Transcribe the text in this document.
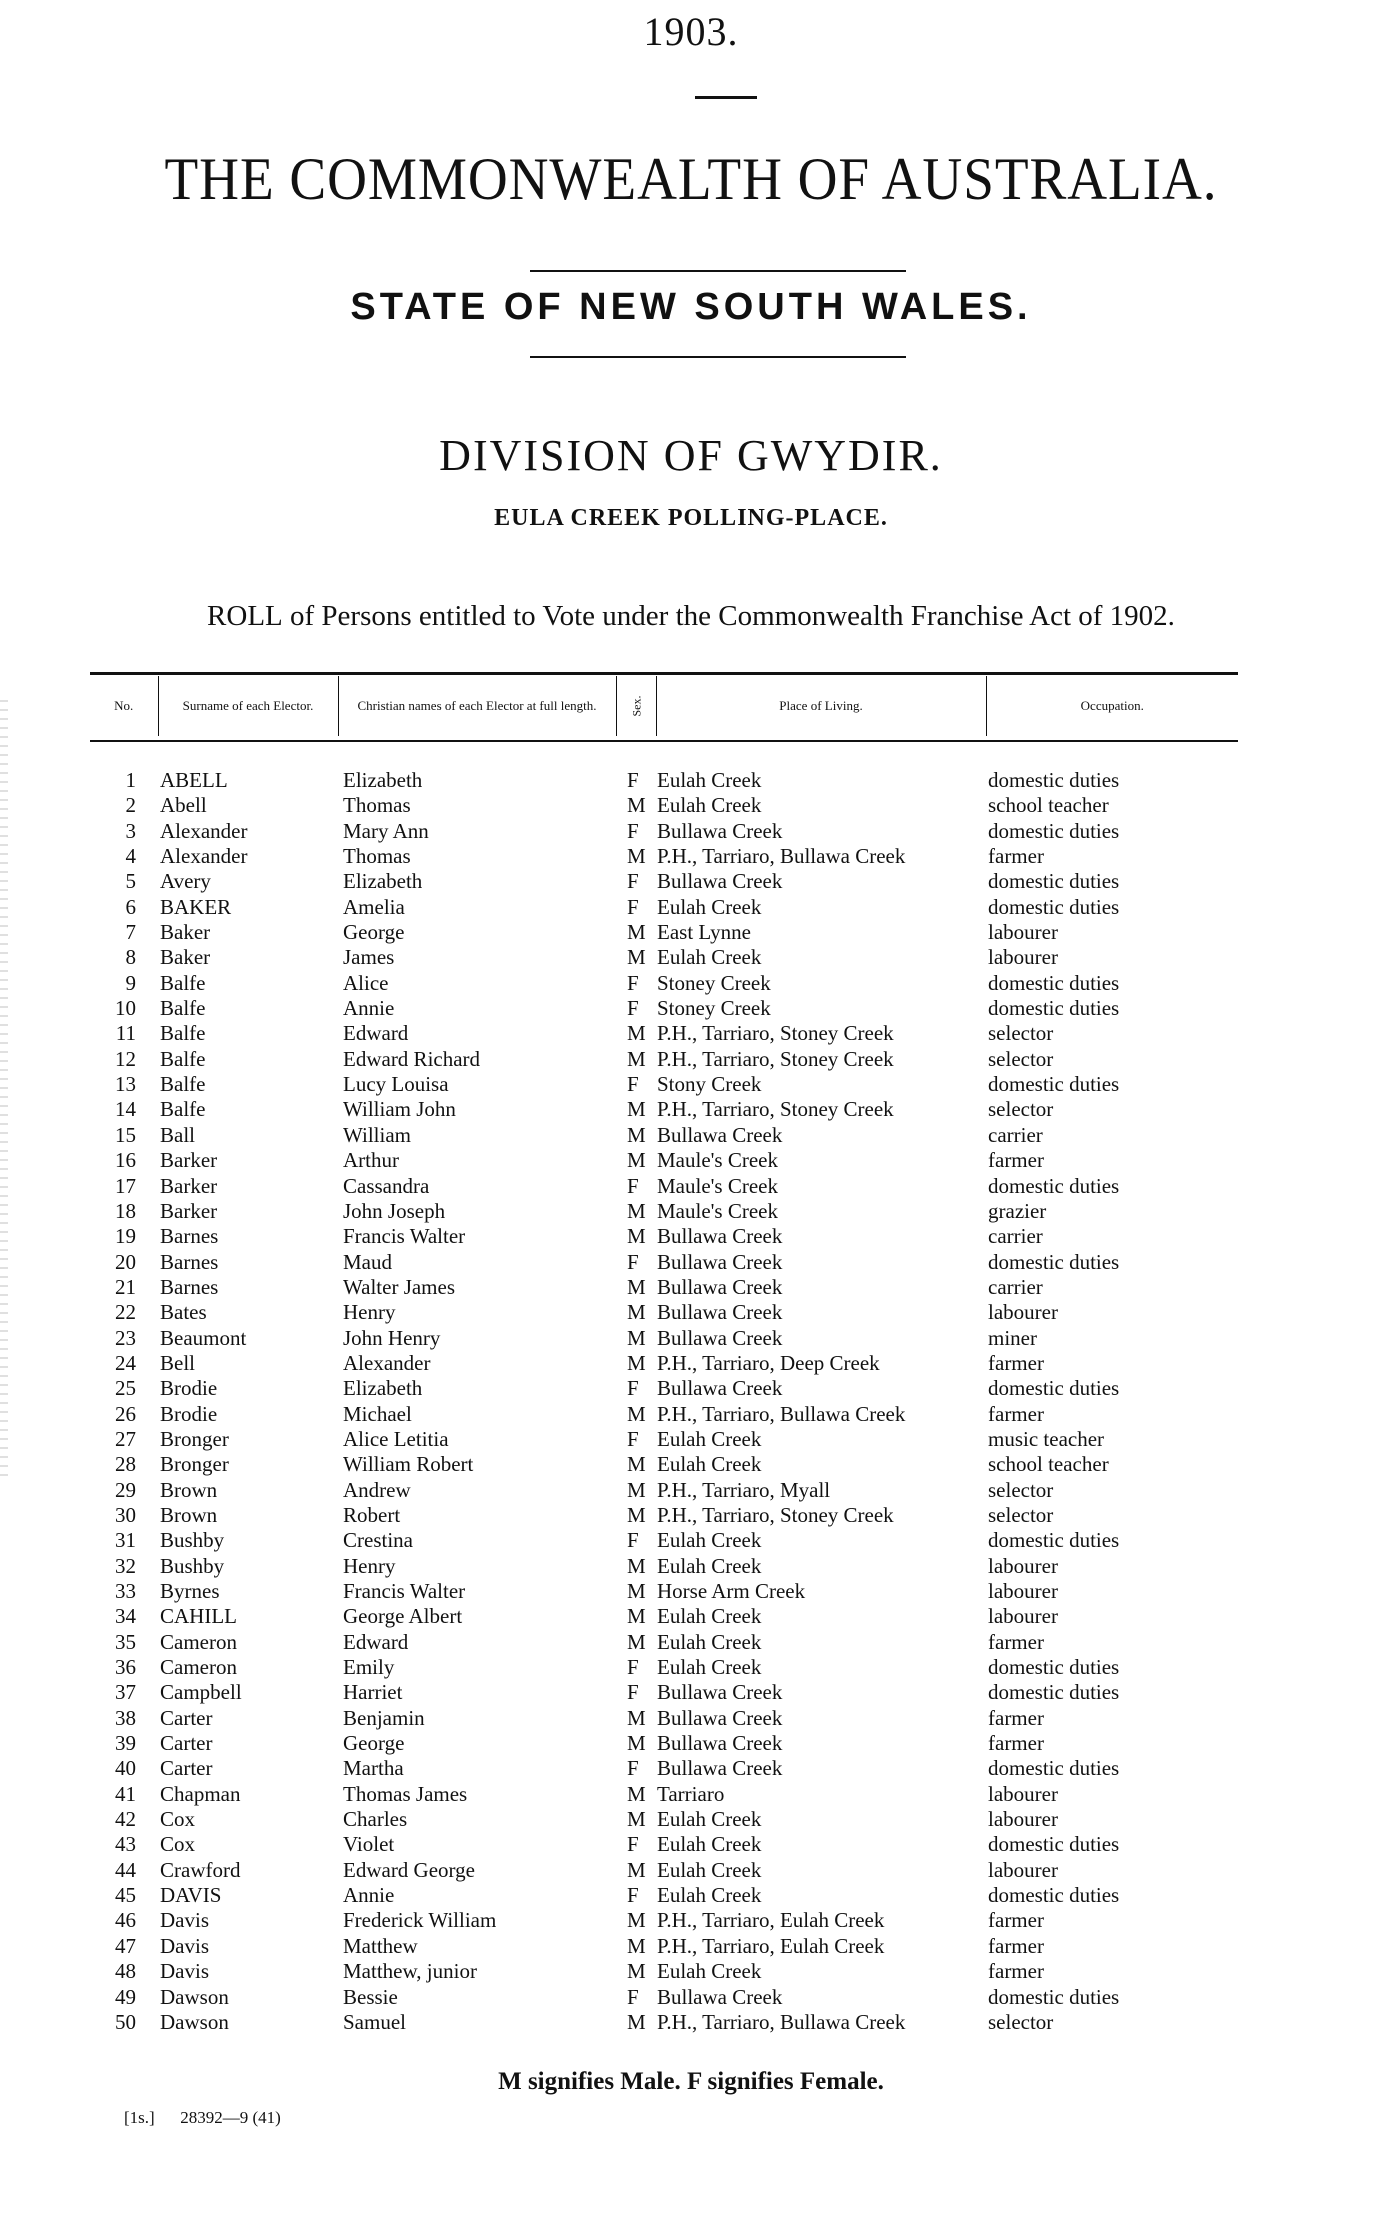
1903.
THE COMMONWEALTH OF AUSTRALIA.
STATE OF NEW SOUTH WALES.
DIVISION OF GWYDIR.
EULA CREEK POLLING-PLACE.
ROLL of Persons entitled to Vote under the Commonwealth Franchise Act of 1902.
No.	Surname of each Elector.	Christian names of each Elector at full length.	Sex.	Place of Living.	Occupation.
1 ABELL	Elizabeth	F Eulah Creek	domestic duties
2 Abell	Thomas	M Eulah Creek	school teacher
3 Alexander	Mary Ann	F Bullawa Creek	domestic duties
4 Alexander	Thomas	M P.H., Tarriaro, Bullawa Creek	farmer
5 Avery	Elizabeth	F Bullawa Creek	domestic duties
6 BAKER	Amelia	F Eulah Creek	domestic duties
7 Baker	George	M East Lynne	labourer
8 Baker	James	M Eulah Creek	labourer
9 Balfe	Alice	F Stoney Creek	domestic duties
10 Balfe	Annie	F Stoney Creek	domestic duties
11 Balfe	Edward	M P.H., Tarriaro, Stoney Creek	selector
12 Balfe	Edward Richard	M P.H., Tarriaro, Stoney Creek	selector
13 Balfe	Lucy Louisa	F Stony Creek	domestic duties
14 Balfe	William John	M P.H., Tarriaro, Stoney Creek	selector
15 Ball	William	M Bullawa Creek	carrier
16 Barker	Arthur	M Maule's Creek	farmer
17 Barker	Cassandra	F Maule's Creek	domestic duties
18 Barker	John Joseph	M Maule's Creek	grazier
19 Barnes	Francis Walter	M Bullawa Creek	carrier
20 Barnes	Maud	F Bullawa Creek	domestic duties
21 Barnes	Walter James	M Bullawa Creek	carrier
22 Bates	Henry	M Bullawa Creek	labourer
23 Beaumont	John Henry	M Bullawa Creek	miner
24 Bell	Alexander	M P.H., Tarriaro, Deep Creek	farmer
25 Brodie	Elizabeth	F Bullawa Creek	domestic duties
26 Brodie	Michael	M P.H., Tarriaro, Bullawa Creek	farmer
27 Bronger	Alice Letitia	F Eulah Creek	music teacher
28 Bronger	William Robert	M Eulah Creek	school teacher
29 Brown	Andrew	M P.H., Tarriaro, Myall	selector
30 Brown	Robert	M P.H., Tarriaro, Stoney Creek	selector
31 Bushby	Crestina	F Eulah Creek	domestic duties
32 Bushby	Henry	M Eulah Creek	labourer
33 Byrnes	Francis Walter	M Horse Arm Creek	labourer
34 CAHILL	George Albert	M Eulah Creek	labourer
35 Cameron	Edward	M Eulah Creek	farmer
36 Cameron	Emily	F Eulah Creek	domestic duties
37 Campbell	Harriet	F Bullawa Creek	domestic duties
38 Carter	Benjamin	M Bullawa Creek	farmer
39 Carter	George	M Bullawa Creek	farmer
40 Carter	Martha	F Bullawa Creek	domestic duties
41 Chapman	Thomas James	M Tarriaro	labourer
42 Cox	Charles	M Eulah Creek	labourer
43 Cox	Violet	F Eulah Creek	domestic duties
44 Crawford	Edward George	M Eulah Creek	labourer
45 DAVIS	Annie	F Eulah Creek	domestic duties
46 Davis	Frederick William	M P.H., Tarriaro, Eulah Creek	farmer
47 Davis	Matthew	M P.H., Tarriaro, Eulah Creek	farmer
48 Davis	Matthew, junior	M Eulah Creek	farmer
49 Dawson	Bessie	F Bullawa Creek	domestic duties
50 Dawson	Samuel	M P.H., Tarriaro, Bullawa Creek	selector
M signifies Male. F signifies Female.
[1s.] 28392—9 (41)
